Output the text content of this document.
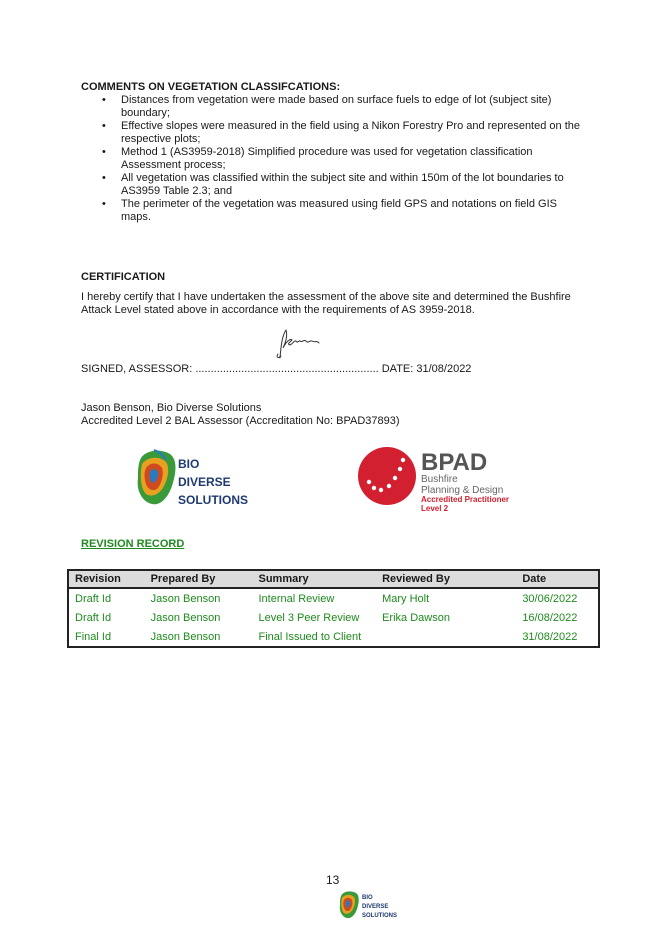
COMMENTS ON VEGETATION CLASSIFCATIONS:
• Distances from vegetation were made based on surface fuels to edge of lot (subject site) boundary;
• Effective slopes were measured in the field using a Nikon Forestry Pro and represented on the respective plots;
• Method 1 (AS3959-2018) Simplified procedure was used for vegetation classification Assessment process;
• All vegetation was classified within the subject site and within 150m of the lot boundaries to AS3959 Table 2.3; and
• The perimeter of the vegetation was measured using field GPS and notations on field GIS maps.
CERTIFICATION
I hereby certify that I have undertaken the assessment of the above site and determined the Bushfire Attack Level stated above in accordance with the requirements of AS 3959-2018.
SIGNED, ASSESSOR: ............................................................ DATE: 31/08/2022
Jason Benson, Bio Diverse Solutions
Accredited Level 2 BAL Assessor (Accreditation No: BPAD37893)
BIO
DIVERSE
SOLUTIONS
BPAD
Bushfire
Planning & Design
Accredited Practitioner
Level 2
REVISION RECORD
Revision	Prepared By	Summary	Reviewed By	Date
Draft Id	Jason Benson	Internal Review	Mary Holt	30/06/2022
Draft Id	Jason Benson	Level 3 Peer Review	Erika Dawson	16/08/2022
Final Id	Jason Benson	Final Issued to Client		31/08/2022
13
BIO
DIVERSE
SOLUTIONS
